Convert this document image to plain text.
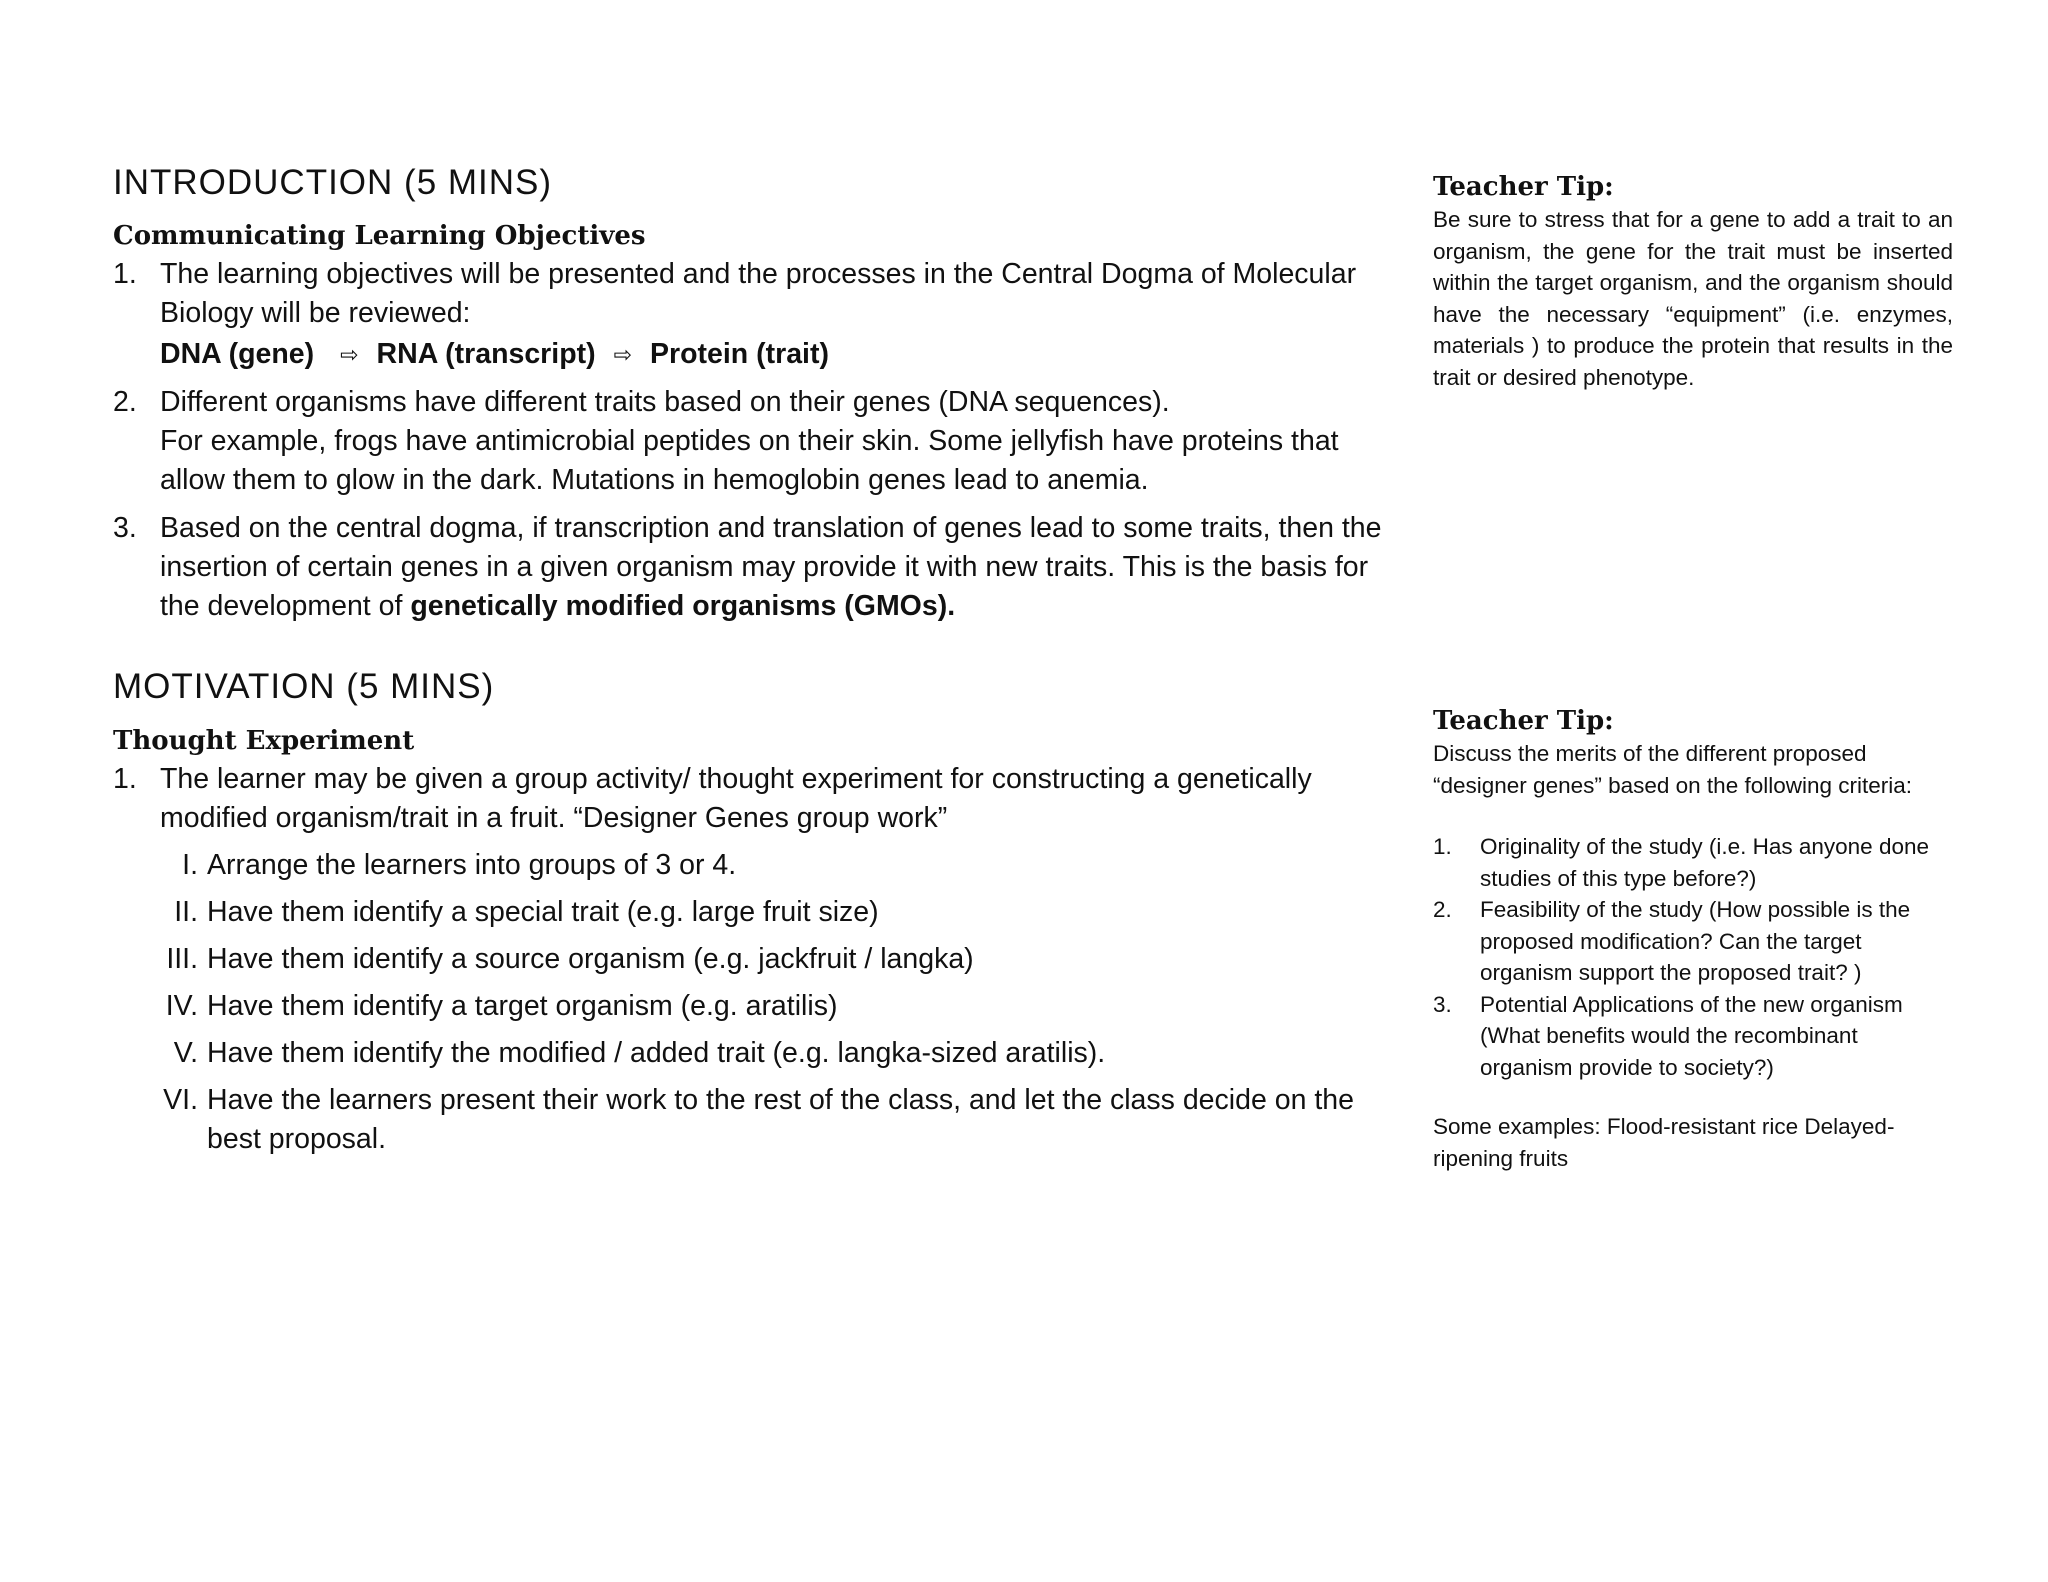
INTRODUCTION (5 MINS)
Communicating Learning Objectives
1. The learning objectives will be presented and the processes in the Central Dogma of Molecular Biology will be reviewed:
DNA (gene) ⇨ RNA (transcript) ⇨ Protein (trait)
2. Different organisms have different traits based on their genes (DNA sequences).
For example, frogs have antimicrobial peptides on their skin. Some jellyfish have proteins that allow them to glow in the dark. Mutations in hemoglobin genes lead to anemia.
3. Based on the central dogma, if transcription and translation of genes lead to some traits, then the insertion of certain genes in a given organism may provide it with new traits. This is the basis for the development of genetically modified organisms (GMOs).
MOTIVATION (5 MINS)
Thought Experiment
1. The learner may be given a group activity/ thought experiment for constructing a genetically modified organism/trait in a fruit. “Designer Genes group work”
I. Arrange the learners into groups of 3 or 4.
II. Have them identify a special trait (e.g. large fruit size)
III. Have them identify a source organism (e.g. jackfruit / langka)
IV. Have them identify a target organism (e.g. aratilis)
V. Have them identify the modified / added trait (e.g. langka-sized aratilis).
VI. Have the learners present their work to the rest of the class, and let the class decide on the best proposal.
Teacher Tip:
Be sure to stress that for a gene to add a trait to an organism, the gene for the trait must be inserted within the target organism, and the organism should have the necessary “equipment” (i.e. enzymes, materials ) to produce the protein that results in the trait or desired phenotype.
Teacher Tip:
Discuss the merits of the different proposed “designer genes” based on the following criteria:
1. Originality of the study (i.e. Has anyone done studies of this type before?)
2. Feasibility of the study (How possible is the proposed modification? Can the target organism support the proposed trait? )
3. Potential Applications of the new organism (What benefits would the recombinant organism provide to society?)
Some examples: Flood-resistant rice Delayed-ripening fruits
